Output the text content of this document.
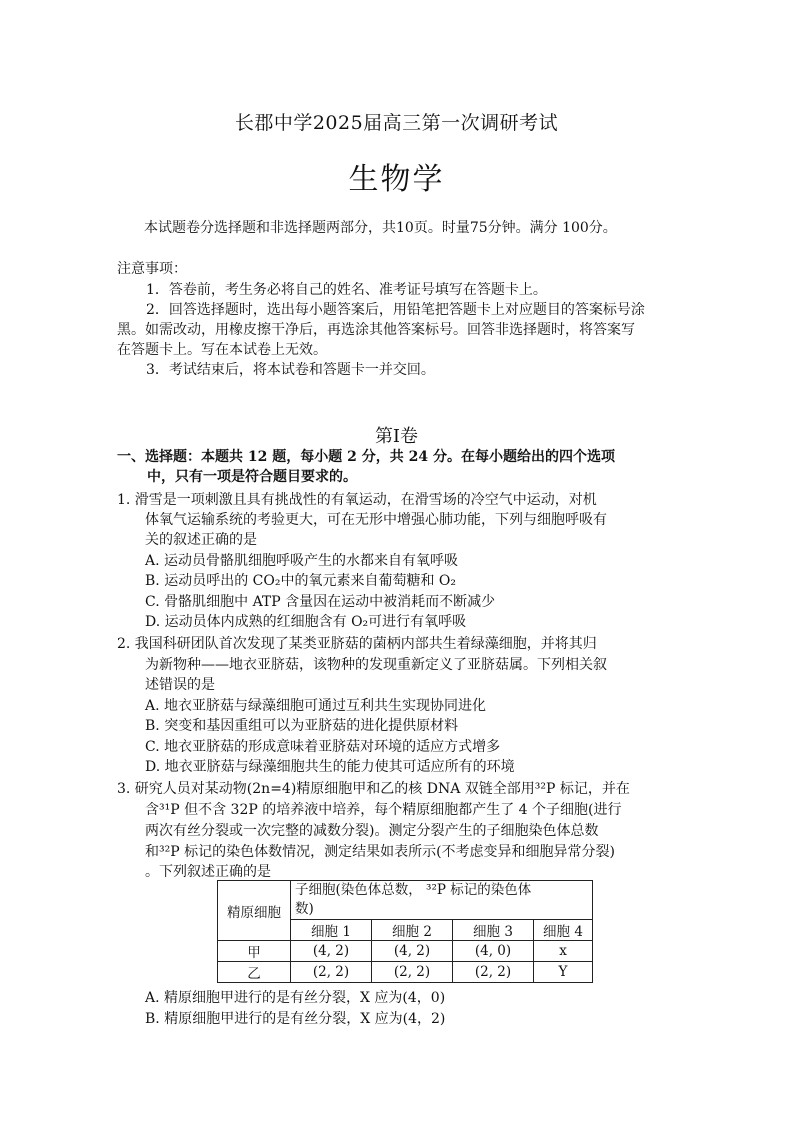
长郡中学2025届高三第一次调研考试
生物学
本试题卷分选择题和非选择题两部分，共10页。时量75分钟。满分 100分。
注意事项：
1．答卷前，考生务必将自己的姓名、准考证号填写在答题卡上。
2．回答选择题时，选出每小题答案后，用铅笔把答题卡上对应题目的答案标号涂
黑。如需改动，用橡皮擦干净后，再选涂其他答案标号。回答非选择题时，将答案写
在答题卡上。写在本试卷上无效。
3．考试结束后，将本试卷和答题卡一并交回。
第Ⅰ卷
一、选择题：本题共 12 题，每小题 2 分，共 24 分。在每小题给出的四个选项
中，只有一项是符合题目要求的。
1. 滑雪是一项刺激且具有挑战性的有氧运动，在滑雪场的冷空气中运动，对机
体氧气运输系统的考验更大，可在无形中增强心肺功能，下列与细胞呼吸有
关的叙述正确的是
A. 运动员骨骼肌细胞呼吸产生的水都来自有氧呼吸
B. 运动员呼出的 CO₂中的氧元素来自葡萄糖和 O₂
C. 骨骼肌细胞中 ATP 含量因在运动中被消耗而不断减少
D. 运动员体内成熟的红细胞含有 O₂可进行有氧呼吸
2. 我国科研团队首次发现了某类亚脐菇的菌柄内部共生着绿藻细胞，并将其归
为新物种——地衣亚脐菇，该物种的发现重新定义了亚脐菇属。下列相关叙
述错误的是
A. 地衣亚脐菇与绿藻细胞可通过互利共生实现协同进化
B. 突变和基因重组可以为亚脐菇的进化提供原材料
C. 地衣亚脐菇的形成意味着亚脐菇对环境的适应方式增多
D. 地衣亚脐菇与绿藻细胞共生的能力使其可适应所有的环境
3. 研究人员对某动物(2n=4)精原细胞甲和乙的核 DNA 双链全部用³²P 标记，并在
含³¹P 但不含 32P 的培养液中培养，每个精原细胞都产生了 4 个子细胞(进行
两次有丝分裂或一次完整的减数分裂)。测定分裂产生的子细胞染色体总数
和³²P 标记的染色体数情况，测定结果如表所示(不考虑变异和细胞异常分裂)
。下列叙述正确的是
精原细胞	子细胞(染色体总数， ³²P 标记的染色体
数)			
	细胞 1	细胞 2	细胞 3	细胞 4
甲	(4, 2)	(4, 2)	(4, 0)	x
乙	(2, 2)	(2, 2)	(2, 2)	Y
A. 精原细胞甲进行的是有丝分裂，X 应为(4，0)
B. 精原细胞甲进行的是有丝分裂，X 应为(4，2)
